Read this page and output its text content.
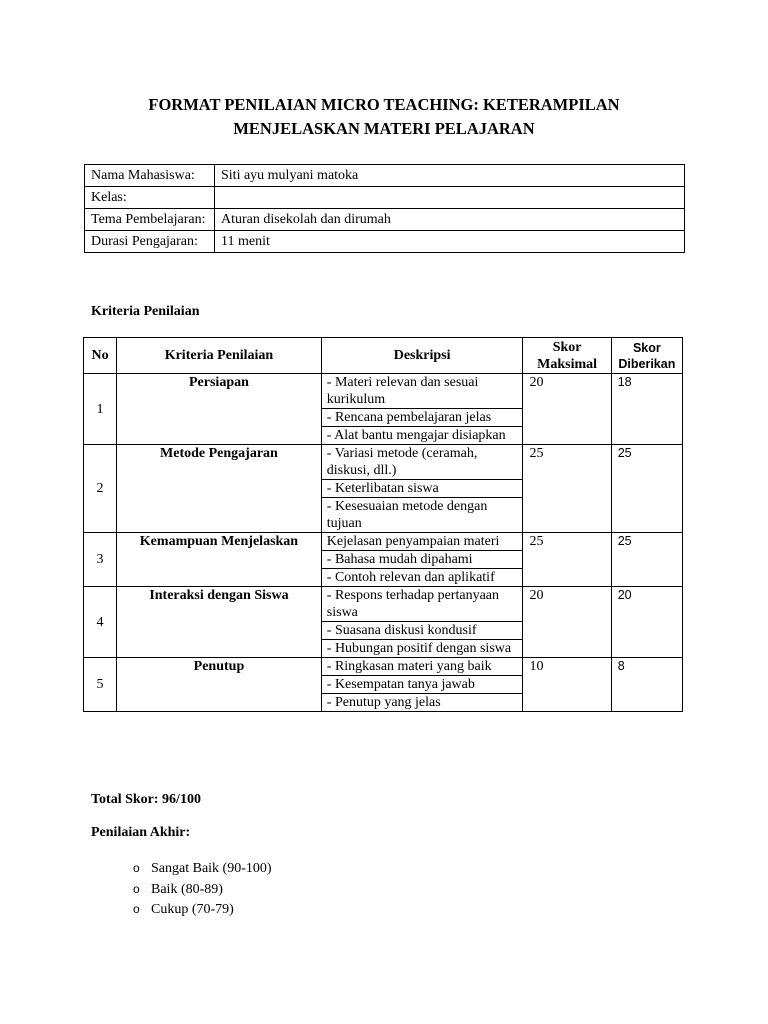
FORMAT PENILAIAN MICRO TEACHING: KETERAMPILAN
MENJELASKAN MATERI PELAJARAN
Nama Mahasiswa:	Siti ayu mulyani matoka
Kelas:	
Tema Pembelajaran:	Aturan disekolah dan dirumah
Durasi Pengajaran:	11 menit
Kriteria Penilaian
No	Kriteria Penilaian	Deskripsi	Skor Maksimal	Skor Diberikan
1	Persiapan	- Materi relevan dan sesuai kurikulum	20	18
		- Rencana pembelajaran jelas		
		- Alat bantu mengajar disiapkan		
2	Metode Pengajaran	- Variasi metode (ceramah, diskusi, dll.)	25	25
		- Keterlibatan siswa		
		- Kesesuaian metode dengan tujuan		
3	Kemampuan Menjelaskan	Kejelasan penyampaian materi	25	25
		- Bahasa mudah dipahami		
		- Contoh relevan dan aplikatif		
4	Interaksi dengan Siswa	- Respons terhadap pertanyaan siswa	20	20
		- Suasana diskusi kondusif		
		- Hubungan positif dengan siswa		
5	Penutup	- Ringkasan materi yang baik	10	8
		- Kesempatan tanya jawab		
		- Penutup yang jelas		
Total Skor: 96/100
Penilaian Akhir:
o Sangat Baik (90-100)
o Baik (80-89)
o Cukup (70-79)
